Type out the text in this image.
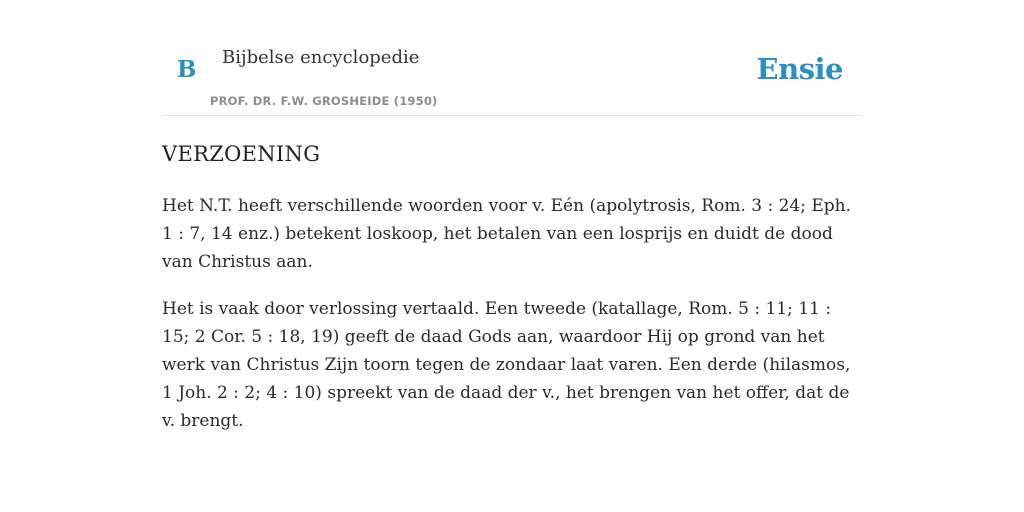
B Bijbelse encyclopedie
PROF. DR. F.W. GROSHEIDE (1950)
Ensie
VERZOENING

Het N.T. heeft verschillende woorden voor v. Eén (apolytrosis, Rom. 3 : 24; Eph. 1 : 7, 14 enz.) betekent loskoop, het betalen van een losprijs en duidt de dood van Christus aan.

Het is vaak door verlossing vertaald. Een tweede (katallage, Rom. 5 : 11; 11 : 15; 2 Cor. 5 : 18, 19) geeft de daad Gods aan, waardoor Hij op grond van het werk van Christus Zijn toorn tegen de zondaar laat varen. Een derde (hilasmos, 1 Joh. 2 : 2; 4 : 10) spreekt van de daad der v., het brengen van het offer, dat de v. brengt.
